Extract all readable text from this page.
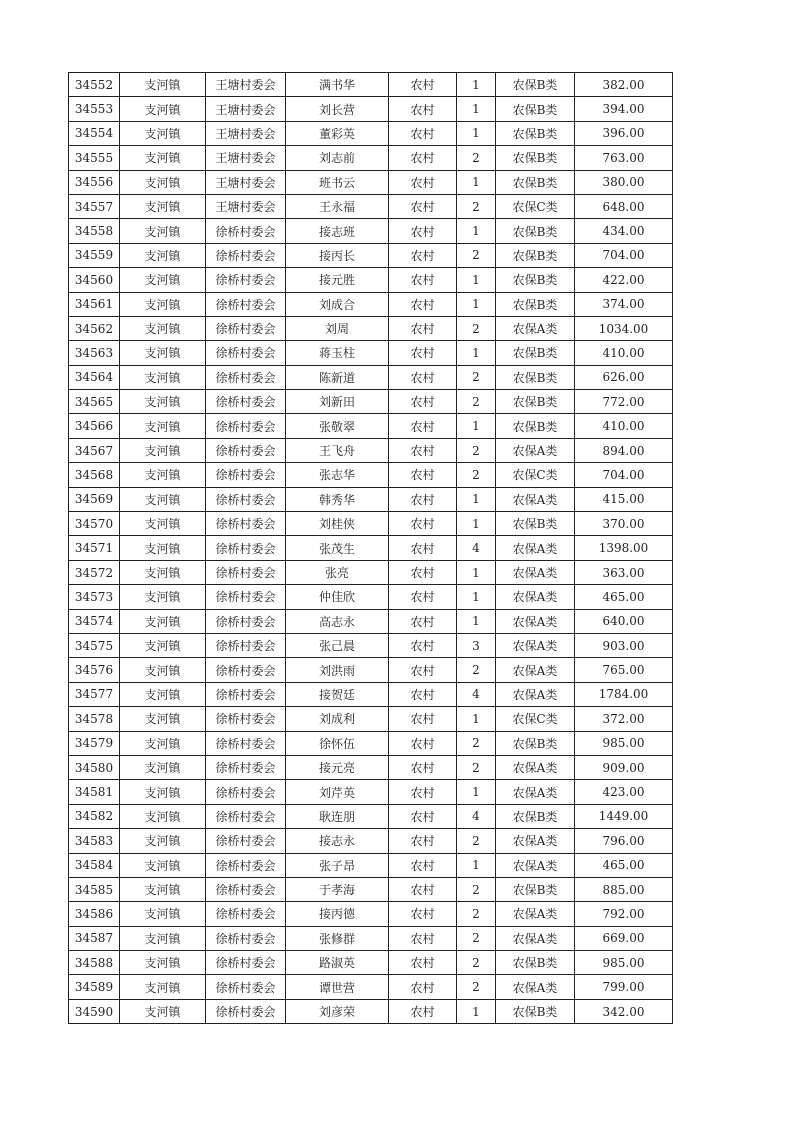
34552	支河镇	王塘村委会	满书华	农村	1	农保B类	382.00
34553	支河镇	王塘村委会	刘长营	农村	1	农保B类	394.00
34554	支河镇	王塘村委会	董彩英	农村	1	农保B类	396.00
34555	支河镇	王塘村委会	刘志前	农村	2	农保B类	763.00
34556	支河镇	王塘村委会	班书云	农村	1	农保B类	380.00
34557	支河镇	王塘村委会	王永福	农村	2	农保C类	648.00
34558	支河镇	徐桥村委会	接志班	农村	1	农保B类	434.00
34559	支河镇	徐桥村委会	接丙长	农村	2	农保B类	704.00
34560	支河镇	徐桥村委会	接元胜	农村	1	农保B类	422.00
34561	支河镇	徐桥村委会	刘成合	农村	1	农保B类	374.00
34562	支河镇	徐桥村委会	刘周	农村	2	农保A类	1034.00
34563	支河镇	徐桥村委会	蒋玉柱	农村	1	农保B类	410.00
34564	支河镇	徐桥村委会	陈新道	农村	2	农保B类	626.00
34565	支河镇	徐桥村委会	刘新田	农村	2	农保B类	772.00
34566	支河镇	徐桥村委会	张敬翠	农村	1	农保B类	410.00
34567	支河镇	徐桥村委会	王飞舟	农村	2	农保A类	894.00
34568	支河镇	徐桥村委会	张志华	农村	2	农保C类	704.00
34569	支河镇	徐桥村委会	韩秀华	农村	1	农保A类	415.00
34570	支河镇	徐桥村委会	刘桂侠	农村	1	农保B类	370.00
34571	支河镇	徐桥村委会	张茂生	农村	4	农保A类	1398.00
34572	支河镇	徐桥村委会	张亮	农村	1	农保A类	363.00
34573	支河镇	徐桥村委会	仲佳欣	农村	1	农保A类	465.00
34574	支河镇	徐桥村委会	高志永	农村	1	农保A类	640.00
34575	支河镇	徐桥村委会	张己晨	农村	3	农保A类	903.00
34576	支河镇	徐桥村委会	刘洪雨	农村	2	农保A类	765.00
34577	支河镇	徐桥村委会	接贺廷	农村	4	农保A类	1784.00
34578	支河镇	徐桥村委会	刘成利	农村	1	农保C类	372.00
34579	支河镇	徐桥村委会	徐怀伍	农村	2	农保B类	985.00
34580	支河镇	徐桥村委会	接元亮	农村	2	农保A类	909.00
34581	支河镇	徐桥村委会	刘芹英	农村	1	农保A类	423.00
34582	支河镇	徐桥村委会	耿连朋	农村	4	农保B类	1449.00
34583	支河镇	徐桥村委会	接志永	农村	2	农保A类	796.00
34584	支河镇	徐桥村委会	张子昂	农村	1	农保A类	465.00
34585	支河镇	徐桥村委会	于孝海	农村	2	农保B类	885.00
34586	支河镇	徐桥村委会	接丙德	农村	2	农保A类	792.00
34587	支河镇	徐桥村委会	张修群	农村	2	农保A类	669.00
34588	支河镇	徐桥村委会	路淑英	农村	2	农保B类	985.00
34589	支河镇	徐桥村委会	谭世营	农村	2	农保A类	799.00
34590	支河镇	徐桥村委会	刘彦荣	农村	1	农保B类	342.00
